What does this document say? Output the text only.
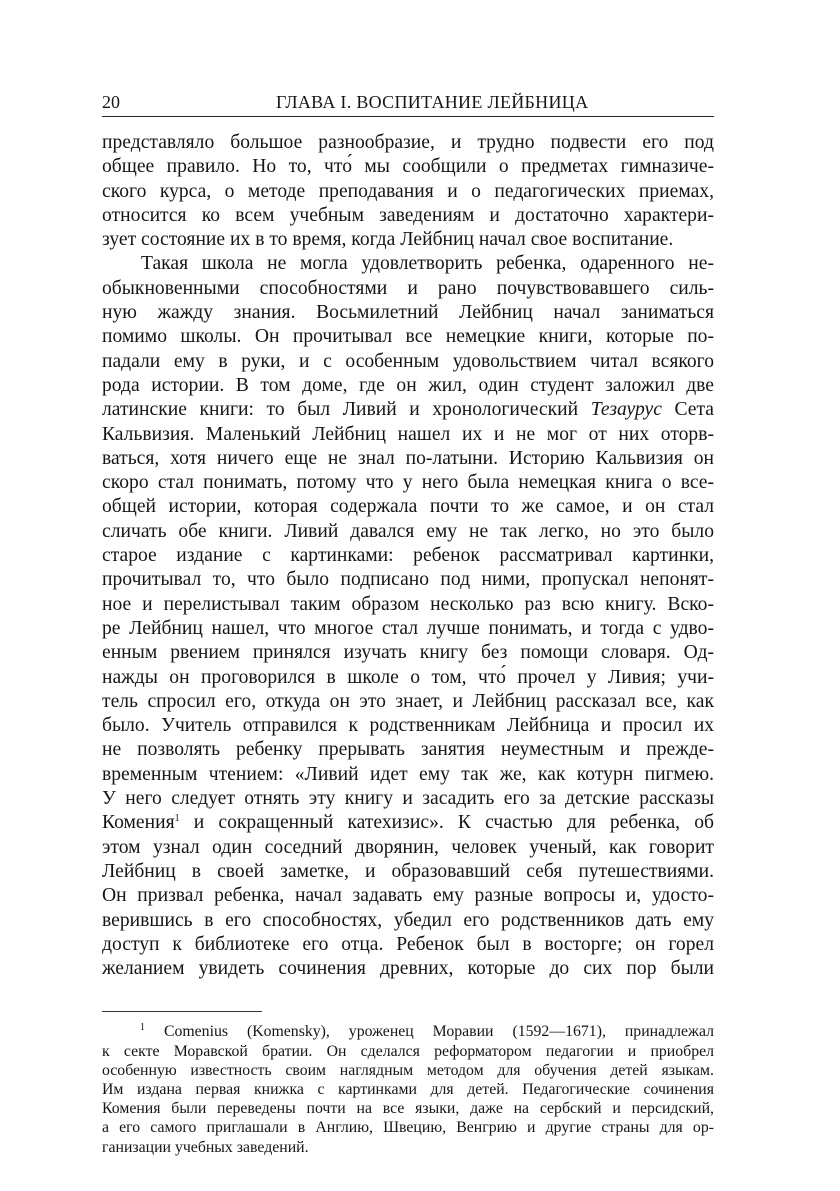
20	ГЛАВА I. ВОСПИТАНИЕ ЛЕЙБНИЦА
представляло большое разнообразие, и трудно подвести его под
общее правило. Но то, что́ мы сообщили о предметах гимназиче-
ского курса, о методе преподавания и о педагогических приемах,
относится ко всем учебным заведениям и достаточно характери-
зует состояние их в то время, когда Лейбниц начал свое воспитание.
Такая школа не могла удовлетворить ребенка, одаренного не-
обыкновенными способностями и рано почувствовавшего силь-
ную жажду знания. Восьмилетний Лейбниц начал заниматься
помимо школы. Он прочитывал все немецкие книги, которые по-
падали ему в руки, и с особенным удовольствием читал всякого
рода истории. В том доме, где он жил, один студент заложил две
латинские книги: то был Ливий и хронологический Тезаурус Сета
Кальвизия. Маленький Лейбниц нашел их и не мог от них оторв-
ваться, хотя ничего еще не знал по-латыни. Историю Кальвизия он
скоро стал понимать, потому что у него была немецкая книга о все-
общей истории, которая содержала почти то же самое, и он стал
сличать обе книги. Ливий давался ему не так легко, но это было
старое издание с картинками: ребенок рассматривал картинки,
прочитывал то, что было подписано под ними, пропускал непонят-
ное и перелистывал таким образом несколько раз всю книгу. Вско-
ре Лейбниц нашел, что многое стал лучше понимать, и тогда с удво-
енным рвением принялся изучать книгу без помощи словаря. Од-
нажды он проговорился в школе о том, что́ прочел у Ливия; учи-
тель спросил его, откуда он это знает, и Лейбниц рассказал все, как
было. Учитель отправился к родственникам Лейбница и просил их
не позволять ребенку прерывать занятия неуместным и прежде-
временным чтением: «Ливий идет ему так же, как котурн пигмею.
У него следует отнять эту книгу и засадить его за детские рассказы
Комения$^1$ и сокращенный катехизис». К счастью для ребенка, об
этом узнал один соседний дворянин, человек ученый, как говорит
Лейбниц в своей заметке, и образовавший себя путешествиями.
Он призвал ребенка, начал задавать ему разные вопросы и, удосто-
верившись в его способностях, убедил его родственников дать ему
доступ к библиотеке его отца. Ребенок был в восторге; он горел
желанием увидеть сочинения древних, которые до сих пор были
$^1$ Comenius (Komensky), уроженец Моравии (1592—1671), принадлежал
к секте Моравской братии. Он сделался реформатором педагогии и приобрел
особенную известность своим наглядным методом для обучения детей языкам.
Им издана первая книжка с картинками для детей. Педагогические сочинения
Комения были переведены почти на все языки, даже на сербский и персидский,
а его самого приглашали в Англию, Швецию, Венгрию и другие страны для ор-
ганизации учебных заведений.
